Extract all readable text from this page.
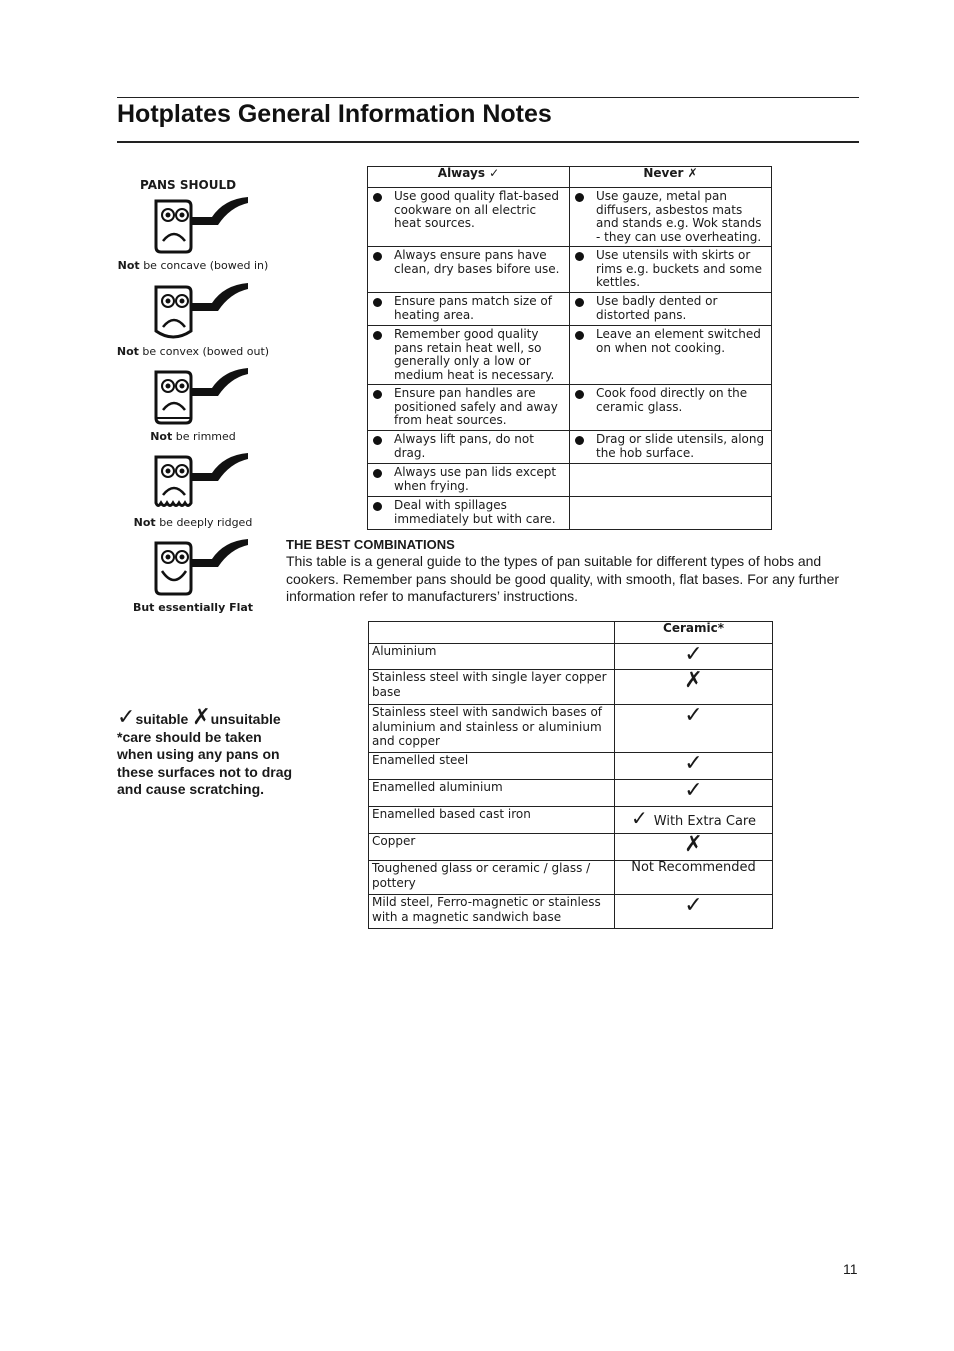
Hotplates General Information Notes
PANS SHOULD
Not be concave (bowed in)
Not be convex (bowed out)
Not be rimmed
Not be deeply ridged
But essentially Flat
Always ✓	Never ✗

Use good quality flat-based cookware on all electric heat sources.	Use gauze, metal pan diffusers, asbestos mats and stands e.g. Wok stands - they can use overheating.

Always ensure pans have clean, dry bases bifore use.	Use utensils with skirts or rims e.g. buckets and some kettles.

Ensure pans match size of heating area.	Use badly dented or distorted pans.

Remember good quality pans retain heat well, so generally only a low or medium heat is necessary.	Leave an element switched on when not cooking.

Ensure pan handles are positioned safely and away from heat sources.	Cook food directly on the ceramic glass.

Always lift pans, do not drag.	Drag or slide utensils, along the hob surface.

Always use pan lids except when frying.	

Deal with spillages immediately but with care.	

THE BEST COMBINATIONS
This table is a general guide to the types of pan suitable for different types of hobs and cookers. Remember pans should be good quality, with smooth, flat bases. For any further information refer to manufacturers’ instructions.
	Ceramic*
Aluminium	✓
Stainless steel with single layer copper base	✗
Stainless steel with sandwich bases of aluminium and stainless or aluminium and copper	✓
Enamelled steel	✓
Enamelled aluminium	✓
Enamelled based cast iron	✓ With Extra Care
Copper	✗
Toughened glass or ceramic / glass / pottery	Not Recommended
Mild steel, Ferro-magnetic or stainless with a magnetic sandwich base	✓
✓suitable ✗unsuitable
*care should be taken when using any pans on these surfaces not to drag and cause scratching.
11
